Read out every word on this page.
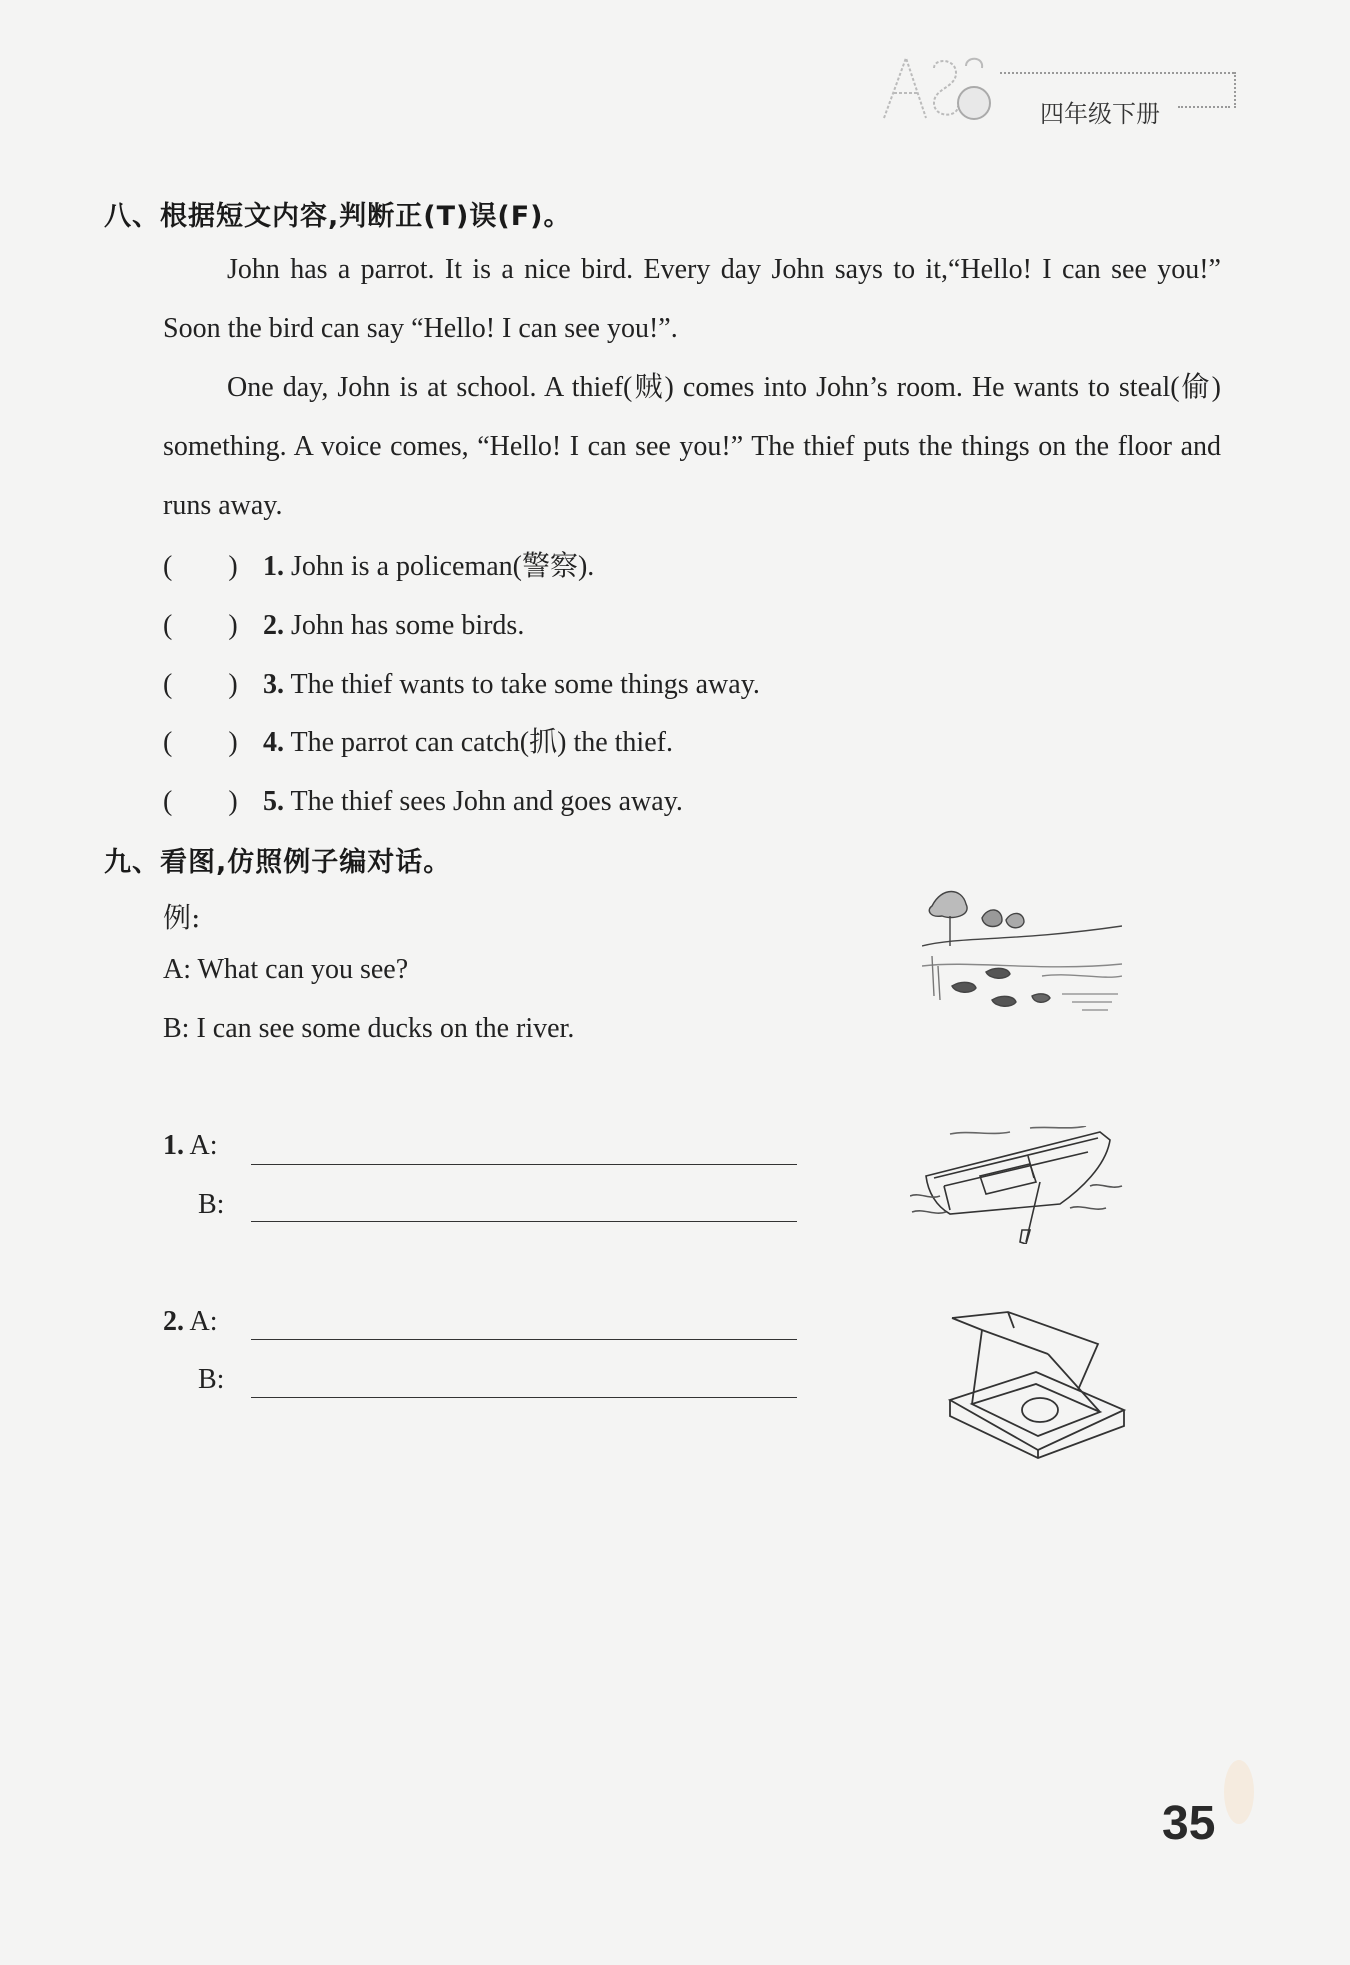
四年级下册
八、根据短文内容,判断正(T)误(F)。

John has a parrot. It is a nice bird. Every day John says to it,“Hello! I can see you!” Soon the bird can say “Hello! I can see you!”.

One day, John is at school. A thief(贼) comes into John’s room. He wants to steal(偷) something. A voice comes, “Hello! I can see you!” The thief puts the things on the floor and runs away.

(　　) 1. John is a policeman(警察).
(　　) 2. John has some birds.
(　　) 3. The thief wants to take some things away.
(　　) 4. The parrot can catch(抓) the thief.
(　　) 5. The thief sees John and goes away.
九、看图,仿照例子编对话。
例:
A: What can you see?
B: I can see some ducks on the river.
1. A:
B:
2. A:
B:
35
